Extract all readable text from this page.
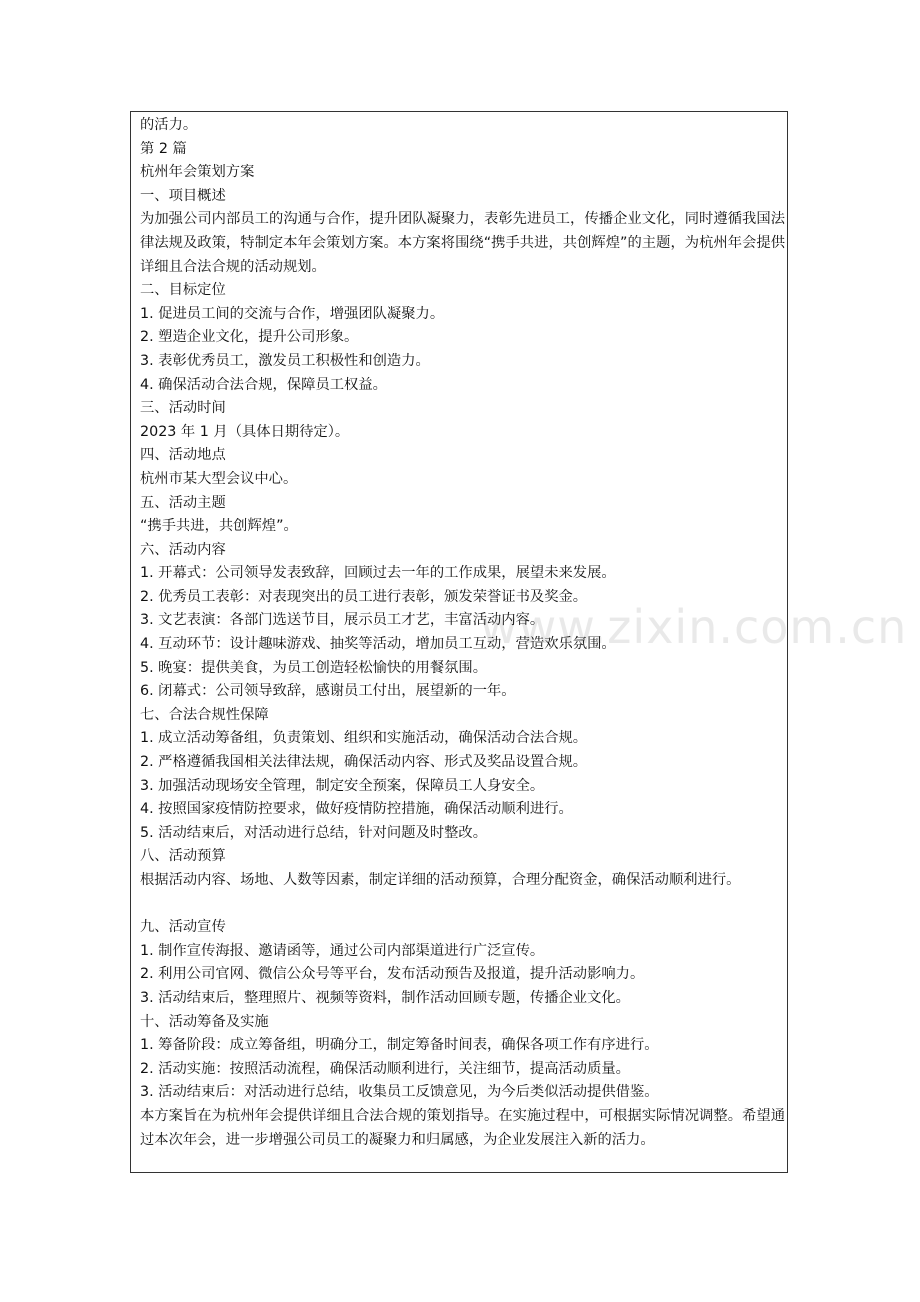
www.zixin.com.cn
的活力。
第 2 篇
杭州年会策划方案
一、项目概述
为加强公司内部员工的沟通与合作，提升团队凝聚力，表彰先进员工，传播企业文化，同时遵循我国法律法规及政策，特制定本年会策划方案。本方案将围绕“携手共进，共创辉煌”的主题，为杭州年会提供详细且合法合规的活动规划。
二、目标定位
1. 促进员工间的交流与合作，增强团队凝聚力。
2. 塑造企业文化，提升公司形象。
3. 表彰优秀员工，激发员工积极性和创造力。
4. 确保活动合法合规，保障员工权益。
三、活动时间
2023 年 1 月（具体日期待定）。
四、活动地点
杭州市某大型会议中心。
五、活动主题
“携手共进，共创辉煌”。
六、活动内容
1. 开幕式：公司领导发表致辞，回顾过去一年的工作成果，展望未来发展。
2. 优秀员工表彰：对表现突出的员工进行表彰，颁发荣誉证书及奖金。
3. 文艺表演：各部门选送节目，展示员工才艺，丰富活动内容。
4. 互动环节：设计趣味游戏、抽奖等活动，增加员工互动，营造欢乐氛围。
5. 晚宴：提供美食，为员工创造轻松愉快的用餐氛围。
6. 闭幕式：公司领导致辞，感谢员工付出，展望新的一年。
七、合法合规性保障
1. 成立活动筹备组，负责策划、组织和实施活动，确保活动合法合规。
2. 严格遵循我国相关法律法规，确保活动内容、形式及奖品设置合规。
3. 加强活动现场安全管理，制定安全预案，保障员工人身安全。
4. 按照国家疫情防控要求，做好疫情防控措施，确保活动顺利进行。
5. 活动结束后，对活动进行总结，针对问题及时整改。
八、活动预算
根据活动内容、场地、人数等因素，制定详细的活动预算，合理分配资金，确保活动顺利进行。
九、活动宣传
1. 制作宣传海报、邀请函等，通过公司内部渠道进行广泛宣传。
2. 利用公司官网、微信公众号等平台，发布活动预告及报道，提升活动影响力。
3. 活动结束后，整理照片、视频等资料，制作活动回顾专题，传播企业文化。
十、活动筹备及实施
1. 筹备阶段：成立筹备组，明确分工，制定筹备时间表，确保各项工作有序进行。
2. 活动实施：按照活动流程，确保活动顺利进行，关注细节，提高活动质量。
3. 活动结束后：对活动进行总结，收集员工反馈意见，为今后类似活动提供借鉴。
本方案旨在为杭州年会提供详细且合法合规的策划指导。在实施过程中，可根据实际情况调整。希望通过本次年会，进一步增强公司员工的凝聚力和归属感，为企业发展注入新的活力。
